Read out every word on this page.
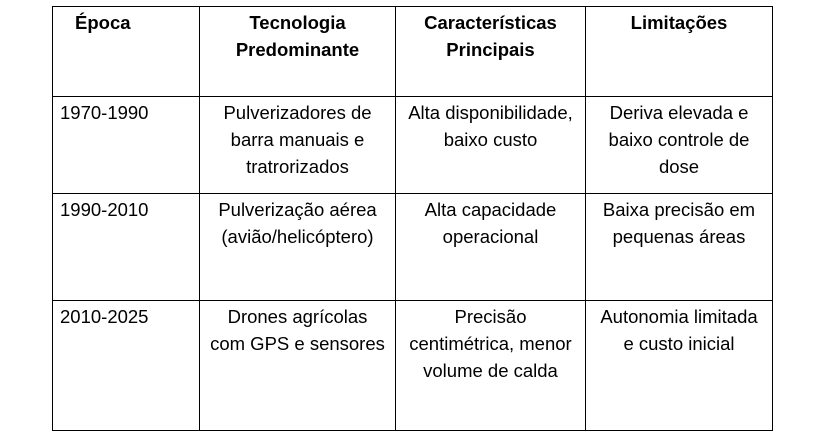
Época	Tecnologia Predominante	Características Principais	Limitações
1970-1990	Pulverizadores de barra manuais e tratrorizados	Alta disponibilidade, baixo custo	Deriva elevada e baixo controle de dose
1990-2010	Pulverização aérea (avião/helicóptero)	Alta capacidade operacional	Baixa precisão em pequenas áreas
2010-2025	Drones agrícolas com GPS e sensores	Precisão centimétrica, menor volume de calda	Autonomia limitada e custo inicial
